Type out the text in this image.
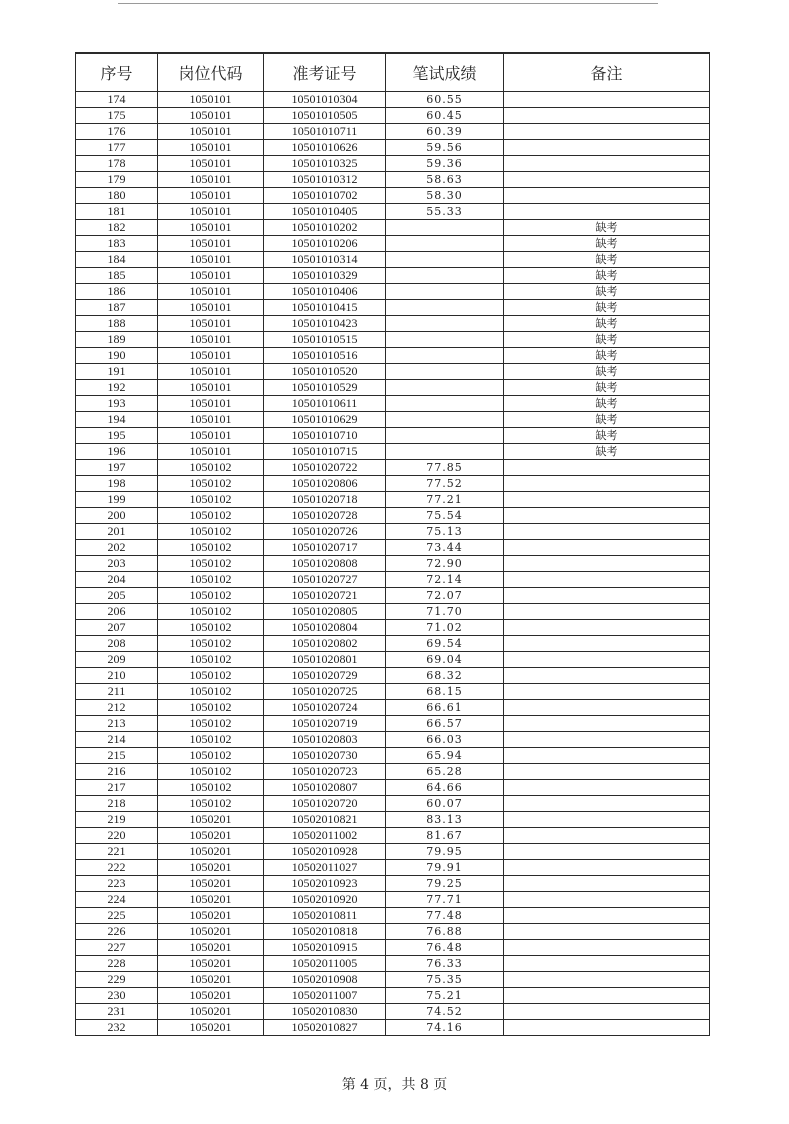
序号	岗位代码	准考证号	笔试成绩	备注
174	1050101	10501010304	60.55	
175	1050101	10501010505	60.45	
176	1050101	10501010711	60.39	
177	1050101	10501010626	59.56	
178	1050101	10501010325	59.36	
179	1050101	10501010312	58.63	
180	1050101	10501010702	58.30	
181	1050101	10501010405	55.33	
182	1050101	10501010202		缺考
183	1050101	10501010206		缺考
184	1050101	10501010314		缺考
185	1050101	10501010329		缺考
186	1050101	10501010406		缺考
187	1050101	10501010415		缺考
188	1050101	10501010423		缺考
189	1050101	10501010515		缺考
190	1050101	10501010516		缺考
191	1050101	10501010520		缺考
192	1050101	10501010529		缺考
193	1050101	10501010611		缺考
194	1050101	10501010629		缺考
195	1050101	10501010710		缺考
196	1050101	10501010715		缺考
197	1050102	10501020722	77.85	
198	1050102	10501020806	77.52	
199	1050102	10501020718	77.21	
200	1050102	10501020728	75.54	
201	1050102	10501020726	75.13	
202	1050102	10501020717	73.44	
203	1050102	10501020808	72.90	
204	1050102	10501020727	72.14	
205	1050102	10501020721	72.07	
206	1050102	10501020805	71.70	
207	1050102	10501020804	71.02	
208	1050102	10501020802	69.54	
209	1050102	10501020801	69.04	
210	1050102	10501020729	68.32	
211	1050102	10501020725	68.15	
212	1050102	10501020724	66.61	
213	1050102	10501020719	66.57	
214	1050102	10501020803	66.03	
215	1050102	10501020730	65.94	
216	1050102	10501020723	65.28	
217	1050102	10501020807	64.66	
218	1050102	10501020720	60.07	
219	1050201	10502010821	83.13	
220	1050201	10502011002	81.67	
221	1050201	10502010928	79.95	
222	1050201	10502011027	79.91	
223	1050201	10502010923	79.25	
224	1050201	10502010920	77.71	
225	1050201	10502010811	77.48	
226	1050201	10502010818	76.88	
227	1050201	10502010915	76.48	
228	1050201	10502011005	76.33	
229	1050201	10502010908	75.35	
230	1050201	10502011007	75.21	
231	1050201	10502010830	74.52	
232	1050201	10502010827	74.16	
第 4 页，共 8 页
